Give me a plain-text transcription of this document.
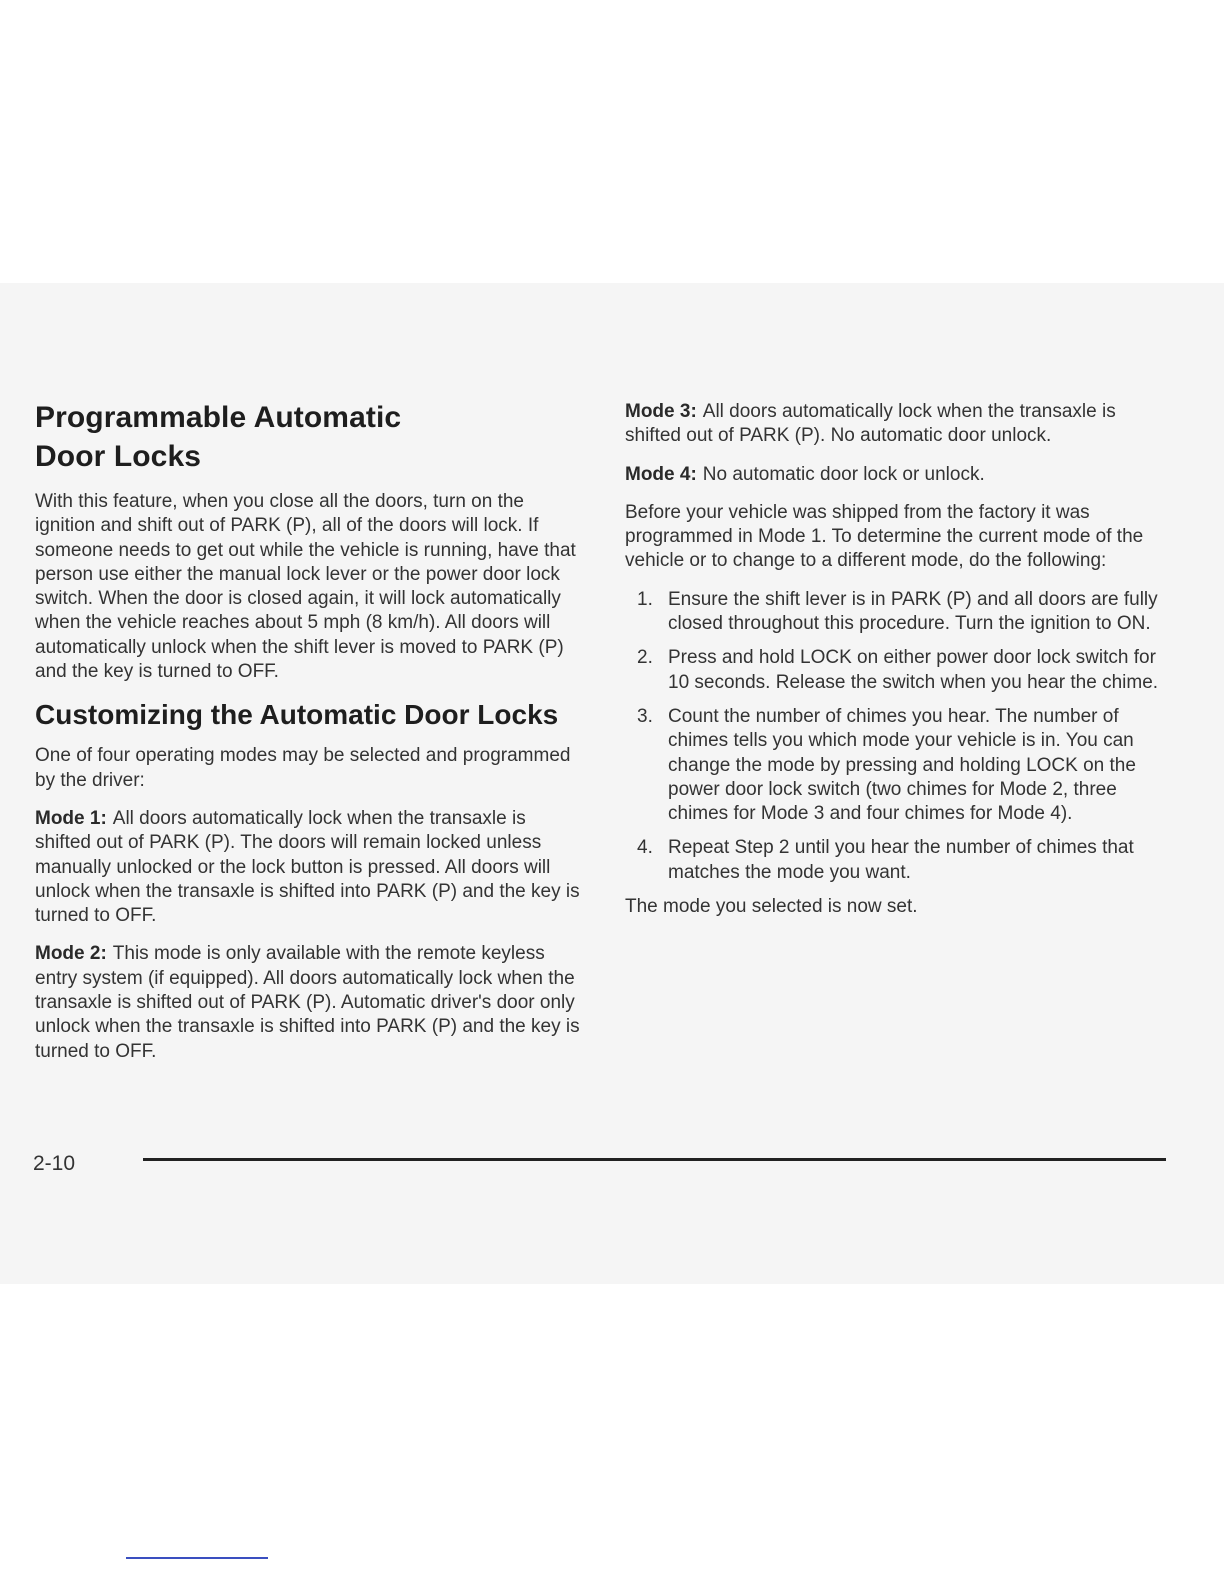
Programmable Automatic
Door Locks

With this feature, when you close all the doors, turn on the ignition and shift out of PARK (P), all of the doors will lock. If someone needs to get out while the vehicle is running, have that person use either the manual lock lever or the power door lock switch. When the door is closed again, it will lock automatically when the vehicle reaches about 5 mph (8 km/h). All doors will automatically unlock when the shift lever is moved to PARK (P) and the key is turned to OFF.

Customizing the Automatic Door Locks

One of four operating modes may be selected and programmed by the driver:

Mode 1: All doors automatically lock when the transaxle is shifted out of PARK (P). The doors will remain locked unless manually unlocked or the lock button is pressed. All doors will unlock when the transaxle is shifted into PARK (P) and the key is turned to OFF.

Mode 2: This mode is only available with the remote keyless entry system (if equipped). All doors automatically lock when the transaxle is shifted out of PARK (P). Automatic driver's door only unlock when the transaxle is shifted into PARK (P) and the key is turned to OFF.

Mode 3: All doors automatically lock when the transaxle is shifted out of PARK (P). No automatic door unlock.

Mode 4: No automatic door lock or unlock.

Before your vehicle was shipped from the factory it was programmed in Mode 1. To determine the current mode of the vehicle or to change to a different mode, do the following:

1. Ensure the shift lever is in PARK (P) and all doors are fully closed throughout this procedure. Turn the ignition to ON.
2. Press and hold LOCK on either power door lock switch for 10 seconds. Release the switch when you hear the chime.
3. Count the number of chimes you hear. The number of chimes tells you which mode your vehicle is in. You can change the mode by pressing and holding LOCK on the power door lock switch (two chimes for Mode 2, three chimes for Mode 3 and four chimes for Mode 4).
4. Repeat Step 2 until you hear the number of chimes that matches the mode you want.

The mode you selected is now set.

2-10
